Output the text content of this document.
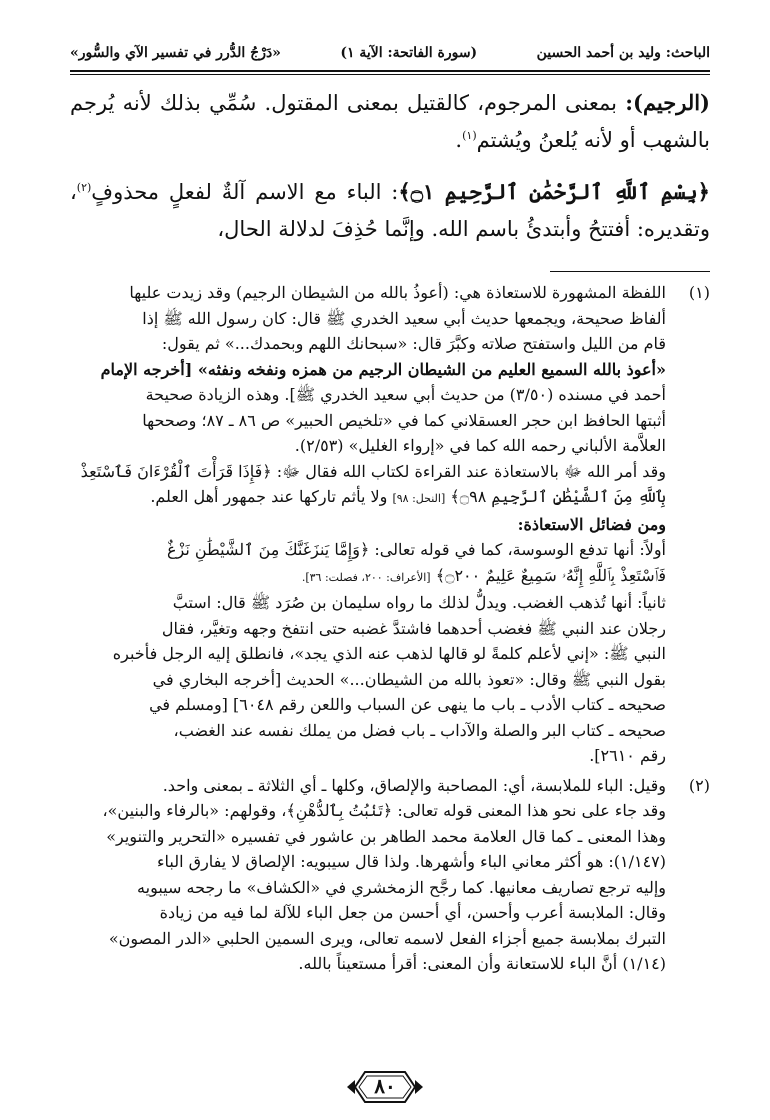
الباحث: وليد بن أحمد الحسين
(سورة الفاتحة: الآية ١)
«دَرْجُ الدُّرر في تفسير الآي والسُّور»

(الرجيم): بمعنى المرجوم، كالقتيل بمعنى المقتول. سُمِّي بذلك لأنه يُرجم بالشهب أو لأنه يُلعنُ ويُشتم$^{(١)}$.

﴿بِسْمِ ٱللَّهِ ٱلرَّحْمَٰنِ ٱلرَّحِيمِ ۝١﴾: الباء مع الاسم آلةٌ لفعلٍ محذوفٍ$^{(٢)}$، وتقديره: أفتتحُ وأبتدئُ باسم الله. وإنَّما حُذِفَ لدلالة الحال،

(١)
اللفظة المشهورة للاستعاذة هي: (أعوذُ بالله من الشيطان الرجيم) وقد زيدت عليها
ألفاظ صحيحة، ويجمعها حديث أبي سعيد الخدري ﷺ قال: كان رسول الله ﷺ إذا
قام من الليل واستفتح صلاته وكبَّرَ قال: «سبحانك اللهم وبحمدك...» ثم يقول:
«أعوذ بالله السميع العليم من الشيطان الرجيم من همزه ونفخه ونفثه» [أخرجه الإمام
أحمد في مسنده (٣/٥٠) من حديث أبي سعيد الخدري ﷺ]. وهذه الزيادة صحيحة
أثبتها الحافظ ابن حجر العسقلاني كما في «تلخيص الحبير» ص ٨٦ ـ ٨٧؛ وصححها
العلاَّمة الألباني رحمه الله كما في «إرواء الغليل» (٢/٥٣).
وقد أمر الله ﷻ بالاستعاذة عند القراءة لكتاب الله فقال ﷻ: ﴿فَإِذَا قَرَأْتَ ٱلْقُرْءَانَ فَٱسْتَعِذْ
بِٱللَّهِ مِنَ ٱلشَّيْطَٰنِ ٱلرَّجِيمِ ۝٩٨﴾ [النحل: ٩٨] ولا يأثم تاركها عند جمهور أهل العلم.
ومن فضائل الاستعاذة:
أولاً: أنها تدفع الوسوسة، كما في قوله تعالى: ﴿وَإِمَّا يَنزَغَنَّكَ مِنَ ٱلشَّيْطَٰنِ نَزْغٌ
فَٱسْتَعِذْ بِٱللَّهِ إِنَّهُۥ سَمِيعٌ عَلِيمٌ ۝٢٠٠﴾ [الأعراف: ٢٠٠، فصلت: ٣٦].
ثانياً: أنها تُذهب الغضب. ويدلُّ لذلك ما رواه سليمان بن صُرَد ﷺ قال: استبَّ
رجلان عند النبي ﷺ فغضب أحدهما فاشتدَّ غضبه حتى انتفخ وجهه وتغيَّر، فقال
النبي ﷺ: «إني لأعلم كلمةً لو قالها لذهب عنه الذي يجد»، فانطلق إليه الرجل فأخبره
بقول النبي ﷺ وقال: «تعوذ بالله من الشيطان...» الحديث [أخرجه البخاري في
صحيحه ـ كتاب الأدب ـ باب ما ينهى عن السباب واللعن رقم ٦٠٤٨] [ومسلم في
صحيحه ـ كتاب البر والصلة والآداب ـ باب فضل من يملك نفسه عند الغضب،
رقم ٢٦١٠].
(٢)
وقيل: الباء للملابسة، أي: المصاحبة والإلصاق، وكلها ـ أي الثلاثة ـ بمعنى واحد.
وقد جاء على نحو هذا المعنى قوله تعالى: ﴿تَنۢبُتُ بِٱلدُّهْنِ﴾، وقولهم: «بالرفاء والبنين»،
وهذا المعنى ـ كما قال العلامة محمد الطاهر بن عاشور في تفسيره «التحرير والتنوير»
(١/١٤٧): هو أكثر معاني الباء وأشهرها. ولذا قال سيبويه: الإلصاق لا يفارق الباء
وإليه ترجع تصاريف معانيها. كما رجَّح الزمخشري في «الكشاف» ما رجحه سيبويه
وقال: الملابسة أعرب وأحسن، أي أحسن من جعل الباء للآلة لما فيه من زيادة
التبرك بملابسة جميع أجزاء الفعل لاسمه تعالى، ويرى السمين الحلبي «الدر المصون»
(١/١٤) أنَّ الباء للاستعانة وأن المعنى: أقرأ مستعيناً بالله.
٨٠
